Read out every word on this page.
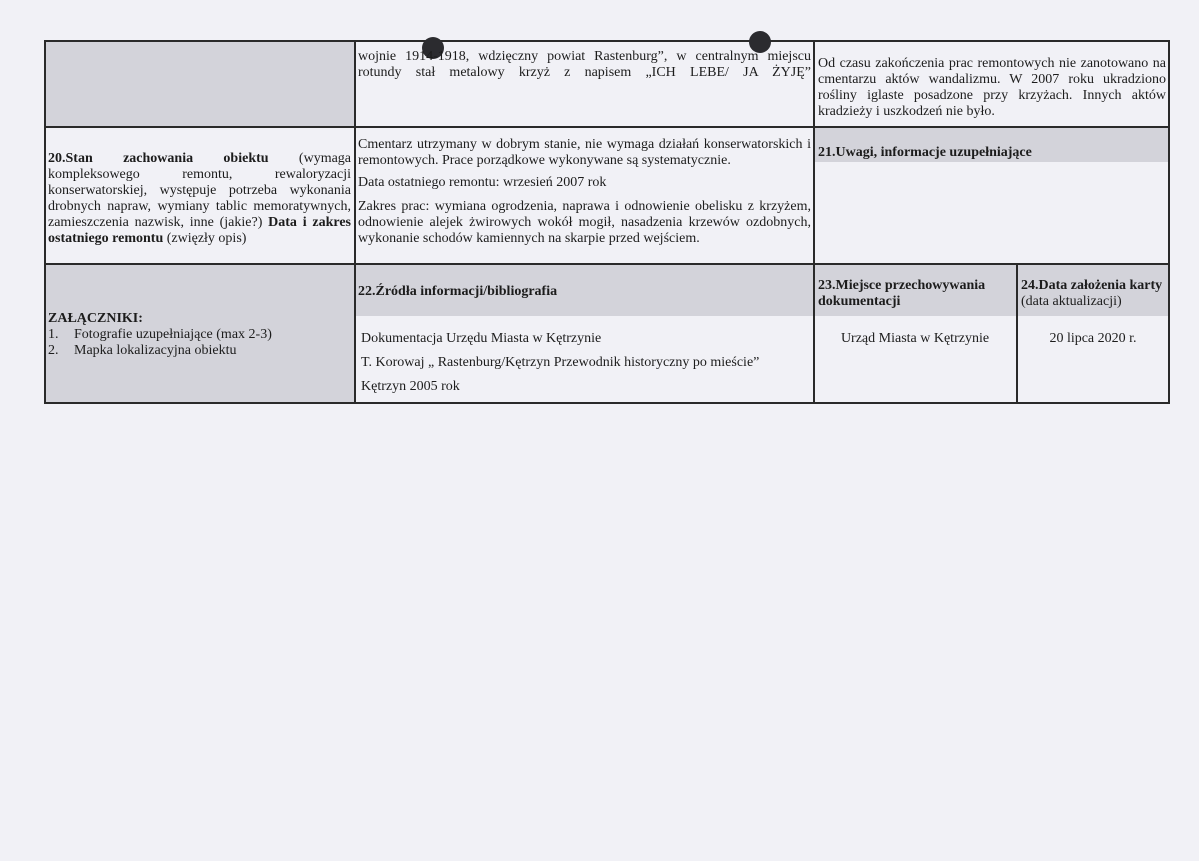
wojnie 1914-1918, wdzięczny powiat Rastenburg”, w centralnym miejscu rotundy stał metalowy krzyż z napisem „ICH LEBE/ JA ŻYJĘ”
Od czasu zakończenia prac remontowych nie zanotowano na cmentarzu aktów wandalizmu. W 2007 roku ukradziono rośliny iglaste posadzone przy krzyżach. Innych aktów kradzieży i uszkodzeń nie było.
20.Stan zachowania obiektu (wymaga kompleksowego remontu, rewaloryzacji konserwatorskiej, występuje potrzeba wykonania drobnych napraw, wymiany tablic memoratywnych, zamieszczenia nazwisk, inne (jakie?) Data i zakres ostatniego remontu (zwięzły opis)

Cmentarz utrzymany w dobrym stanie, nie wymaga działań konserwatorskich i remontowych. Prace porządkowe wykonywane są systematycznie.

Data ostatniego remontu: wrzesień 2007 rok

Zakres prac: wymiana ogrodzenia, naprawa i odnowienie obelisku z krzyżem, odnowienie alejek żwirowych wokół mogił, nasadzenia krzewów ozdobnych, wykonanie schodów kamiennych na skarpie przed wejściem.

21.Uwagi, informacje uzupełniające

ZAŁĄCZNIKI:

1. Fotografie uzupełniające (max 2-3)
2. Mapka lokalizacyjna obiektu
22.Źródła informacji/bibliografia

Dokumentacja Urzędu Miasta w Kętrzynie

T. Korowaj „ Rastenburg/Kętrzyn Przewodnik historyczny po mieście”

Kętrzyn 2005 rok

23.Miejsce przechowywania dokumentacji
Urząd Miasta w Kętrzynie

24.Data założenia karty

(data aktualizacji)

20 lipca 2020 r.
